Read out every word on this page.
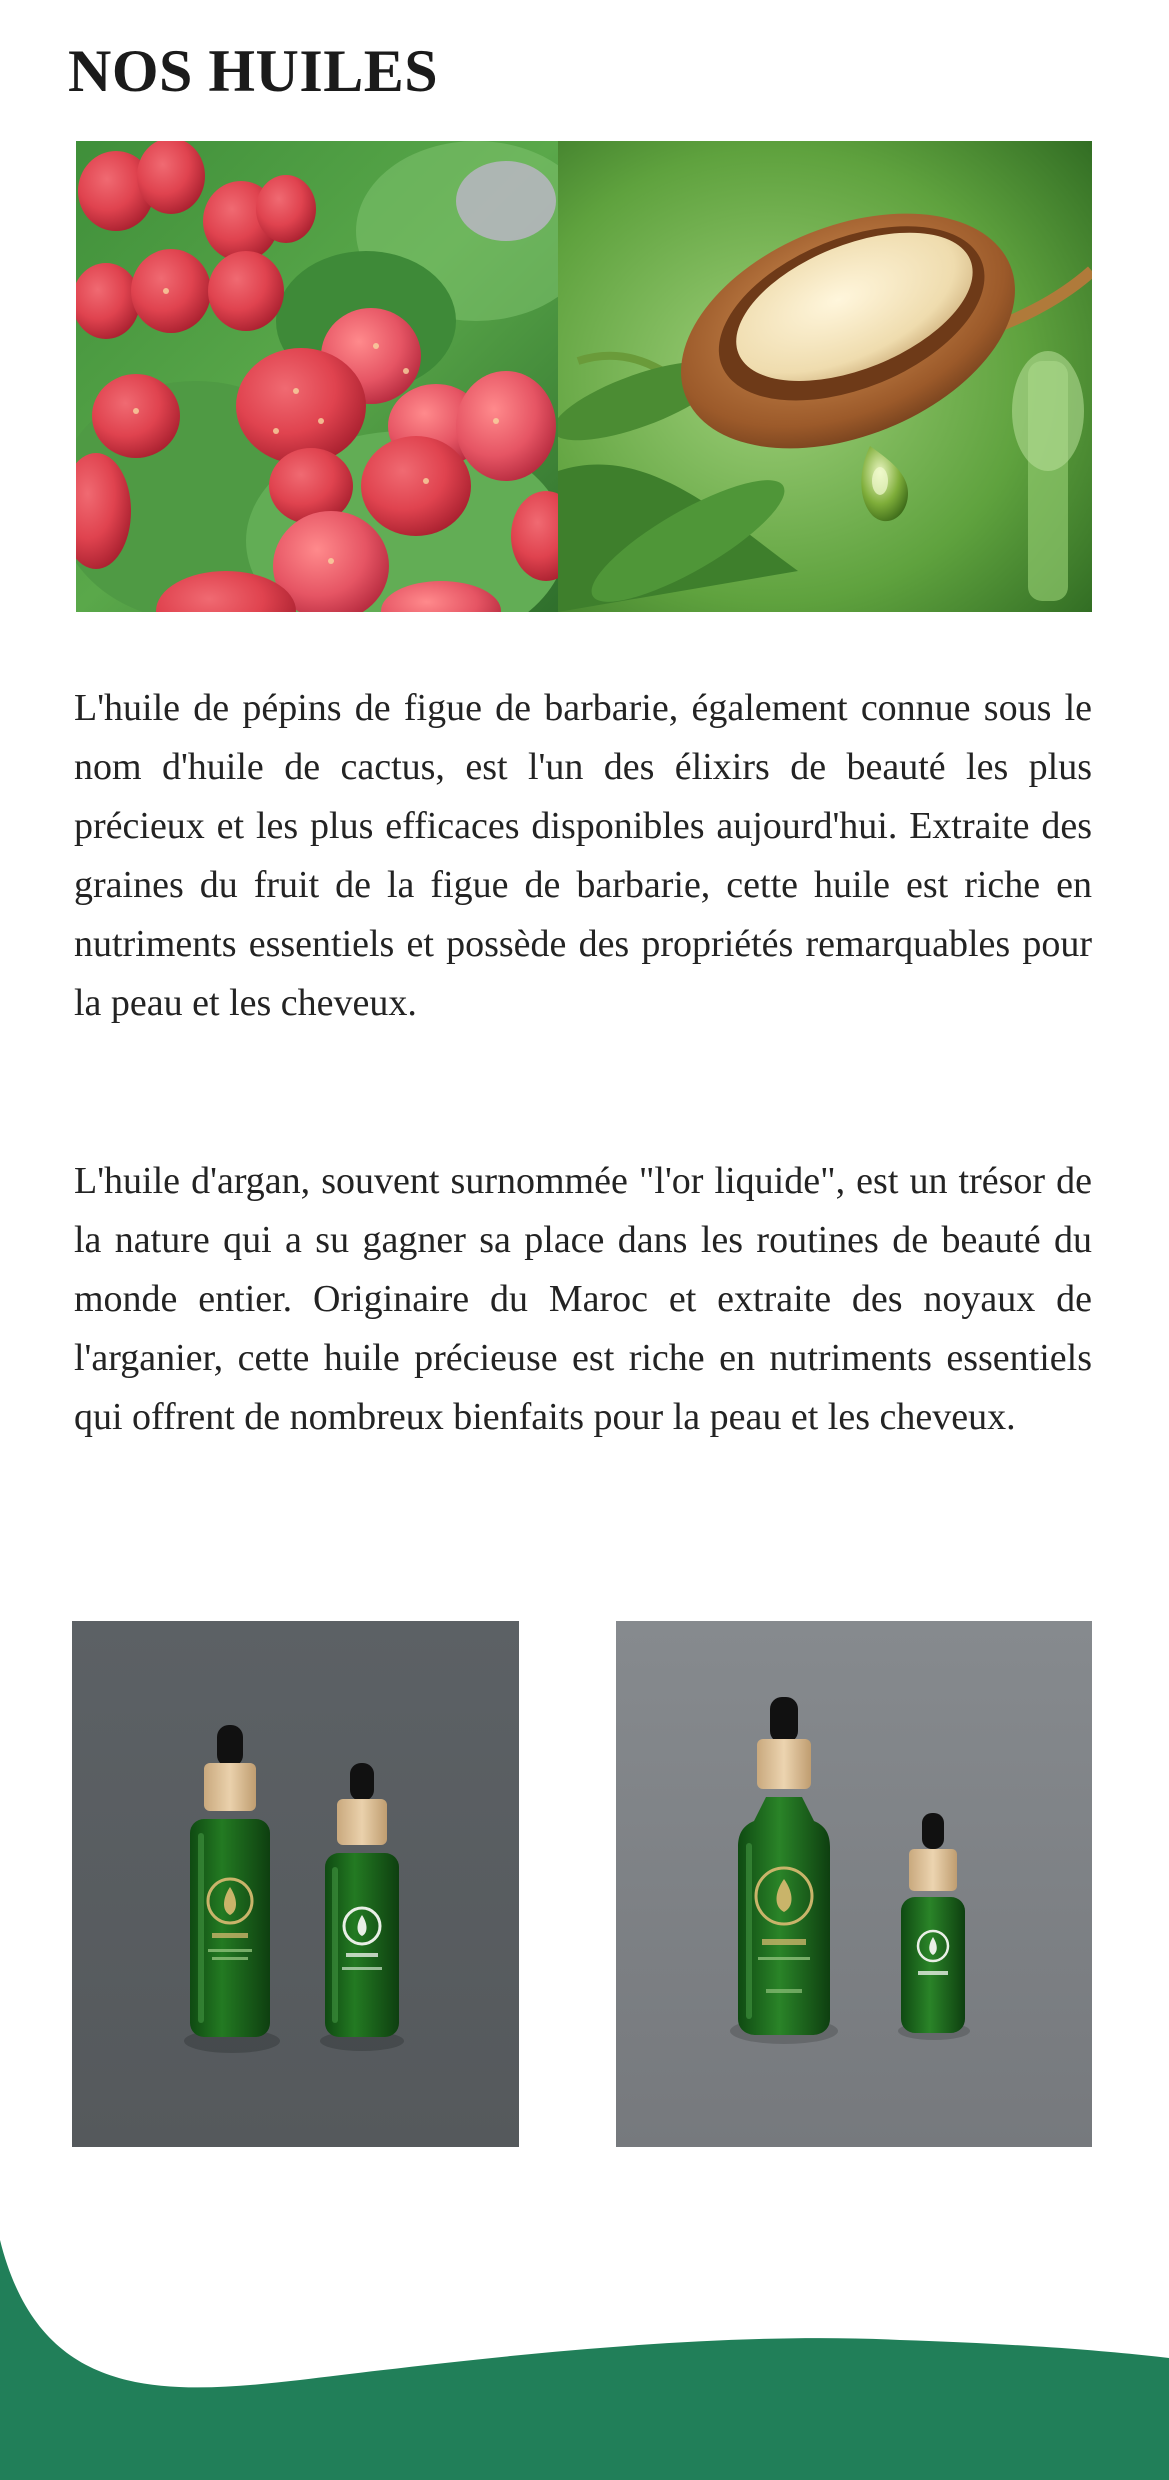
NOS HUILES

L'huile de pépins de figue de barbarie, également connue sous le nom d'huile de cactus, est l'un des élixirs de beauté les plus précieux et les plus efficaces disponibles aujourd'hui. Extraite des graines du fruit de la figue de barbarie, cette huile est riche en nutriments essentiels et possède des propriétés remarquables pour la peau et les cheveux.

L'huile d'argan, souvent surnommée "l'or liquide", est un trésor de la nature qui a su gagner sa place dans les routines de beauté du monde entier. Originaire du Maroc et extraite des noyaux de l'arganier, cette huile précieuse est riche en nutriments essentiels qui offrent de nombreux bienfaits pour la peau et les cheveux.
